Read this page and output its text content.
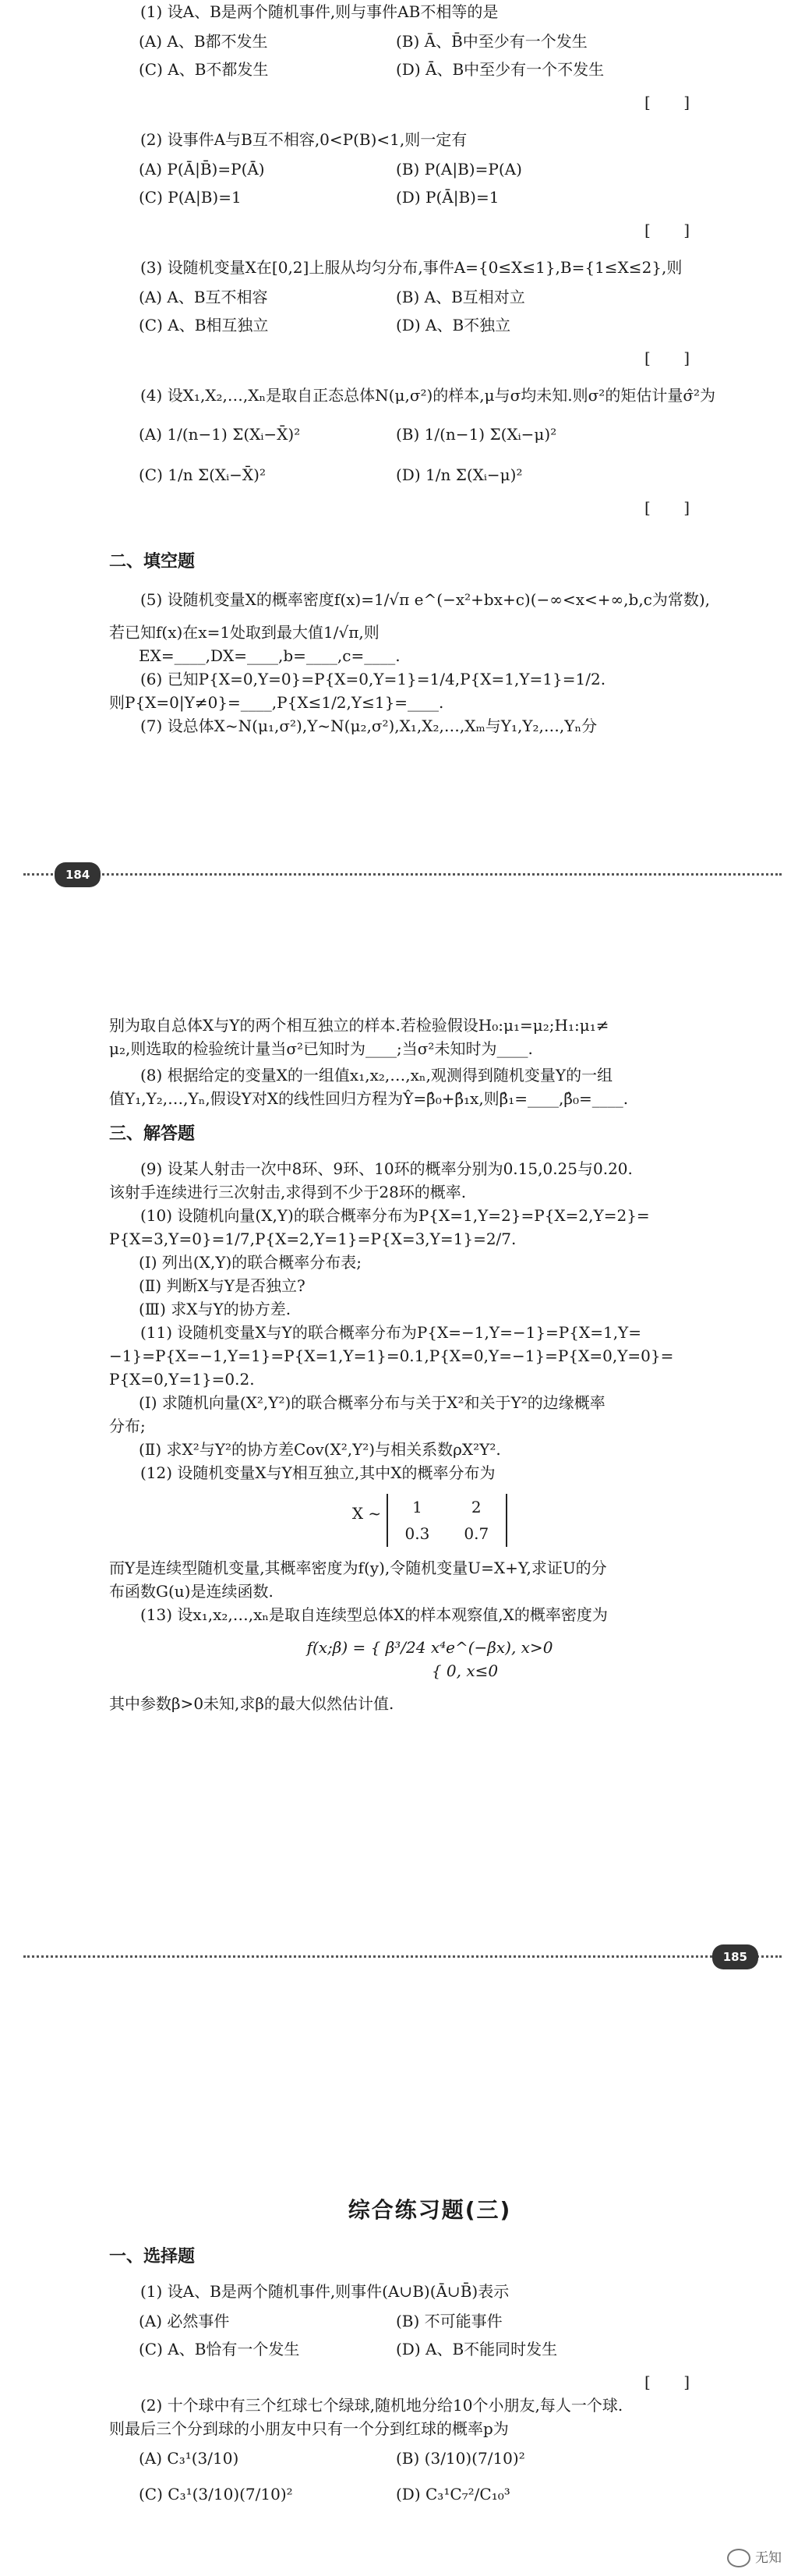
(1) 设A、B是两个随机事件,则与事件AB不相等的是
(A) A、B都不发生	(B) Ā、B̄中至少有一个发生
(C) A、B不都发生	(D) Ā、B中至少有一个不发生
[ ]
(2) 设事件A与B互不相容,0<P(B)<1,则一定有
(A) P(Ā|B̄)=P(Ā)	(B) P(A|B)=P(A)
(C) P(A|B)=1	(D) P(Ā|B)=1
[ ]
(3) 设随机变量X在[0,2]上服从均匀分布,事件A={0≤X≤1},B={1≤X≤2},则
(A) A、B互不相容	(B) A、B互相对立
(C) A、B相互独立	(D) A、B不独立
[ ]
(4) 设X₁,X₂,…,Xₙ是取自正态总体N(μ,σ²)的样本,μ与σ均未知.则σ²的矩估计量σ̂²为
(A) 1/(n−1) Σ(Xᵢ−X̄)²	(B) 1/(n−1) Σ(Xᵢ−μ)²
(C) 1/n Σ(Xᵢ−X̄)²	(D) 1/n Σ(Xᵢ−μ)²
[ ]
二、填空题
(5) 设随机变量X的概率密度f(x)=1/√π e^(−x²+bx+c)(−∞<x<+∞,b,c为常数),
若已知f(x)在x=1处取到最大值1/√π,则
EX=____,DX=____,b=____,c=____.
(6) 已知P{X=0,Y=0}=P{X=0,Y=1}=1/4,P{X=1,Y=1}=1/2.
则P{X=0|Y≠0}=____,P{X≤1/2,Y≤1}=____.
(7) 设总体X~N(μ₁,σ²),Y~N(μ₂,σ²),X₁,X₂,…,Xₘ与Y₁,Y₂,…,Yₙ分
184
别为取自总体X与Y的两个相互独立的样本.若检验假设H₀:μ₁=μ₂;H₁:μ₁≠
μ₂,则选取的检验统计量当σ²已知时为____;当σ²未知时为____.
(8) 根据给定的变量X的一组值x₁,x₂,…,xₙ,观测得到随机变量Y的一组
值Y₁,Y₂,…,Yₙ,假设Y对X的线性回归方程为Ŷ=β̂₀+β̂₁x,则β̂₁=____,β̂₀=____.
三、解答题
(9) 设某人射击一次中8环、9环、10环的概率分别为0.15,0.25与0.20.
该射手连续进行三次射击,求得到不少于28环的概率.
(10) 设随机向量(X,Y)的联合概率分布为P{X=1,Y=2}=P{X=2,Y=2}=
P{X=3,Y=0}=1/7,P{X=2,Y=1}=P{X=3,Y=1}=2/7.
(Ⅰ) 列出(X,Y)的联合概率分布表;
(Ⅱ) 判断X与Y是否独立?
(Ⅲ) 求X与Y的协方差.
(11) 设随机变量X与Y的联合概率分布为P{X=−1,Y=−1}=P{X=1,Y=
−1}=P{X=−1,Y=1}=P{X=1,Y=1}=0.1,P{X=0,Y=−1}=P{X=0,Y=0}=
P{X=0,Y=1}=0.2.
(Ⅰ) 求随机向量(X²,Y²)的联合概率分布与关于X²和关于Y²的边缘概率
分布;
(Ⅱ) 求X²与Y²的协方差Cov(X²,Y²)与相关系数ρX²Y².
(12) 设随机变量X与Y相互独立,其中X的概率分布为
X ~ 1	2
0.3	0.7
而Y是连续型随机变量,其概率密度为f(y),令随机变量U=X+Y,求证U的分
布函数G(u)是连续函数.
(13) 设x₁,x₂,…,xₙ是取自连续型总体X的样本观察值,X的概率密度为
f(x;β) = { β³/24 x⁴e^(−βx), x>0
{ 0, x≤0
其中参数β>0未知,求β的最大似然估计值.
185
综合练习题(三)
一、选择题
(1) 设A、B是两个随机事件,则事件(A∪B)(Ā∪B̄)表示
(A) 必然事件	(B) 不可能事件
(C) A、B恰有一个发生	(D) A、B不能同时发生
[ ]
(2) 十个球中有三个红球七个绿球,随机地分给10个小朋友,每人一个球.
则最后三个分到球的小朋友中只有一个分到红球的概率p为
(A) C₃¹(3/10)	(B) (3/10)(7/10)²
(C) C₃¹(3/10)(7/10)²	(D) C₃¹C₇²/C₁₀³
无知
